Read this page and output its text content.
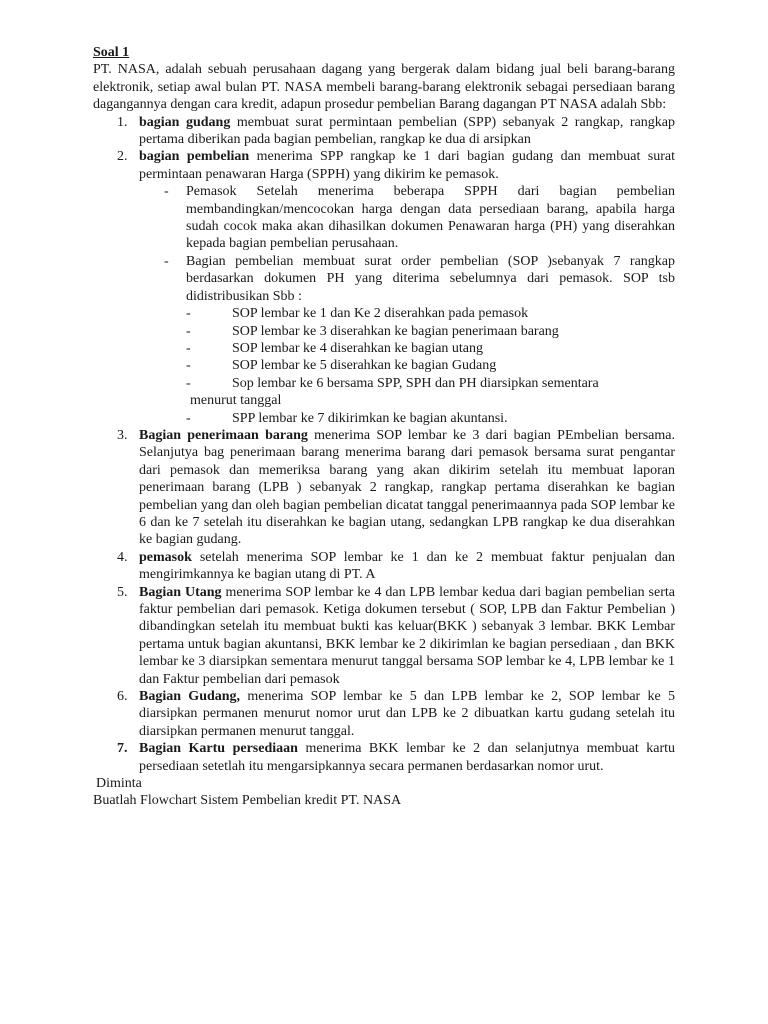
Soal 1
PT. NASA, adalah sebuah perusahaan dagang yang bergerak dalam bidang jual beli barang-barang elektronik, setiap awal bulan PT. NASA membeli barang-barang elektronik sebagai persediaan barang dagangannya dengan cara kredit, adapun prosedur pembelian Barang dagangan PT NASA adalah Sbb:
1. bagian gudang membuat surat permintaan pembelian (SPP) sebanyak 2 rangkap, rangkap pertama diberikan pada bagian pembelian, rangkap ke dua di arsipkan
2. bagian pembelian menerima SPP rangkap ke 1 dari bagian gudang dan membuat surat permintaan penawaran Harga (SPPH) yang dikirim ke pemasok.
- Pemasok Setelah menerima beberapa SPPH dari bagian pembelian membandingkan/mencocokan harga dengan data persediaan barang, apabila harga sudah cocok maka akan dihasilkan dokumen Penawaran harga (PH) yang diserahkan kepada bagian pembelian perusahaan.
- Bagian pembelian membuat surat order pembelian (SOP )sebanyak 7 rangkap berdasarkan dokumen PH yang diterima sebelumnya dari pemasok. SOP tsb didistribusikan Sbb :
-	SOP lembar ke 1 dan Ke 2 diserahkan pada pemasok
-	SOP lembar ke 3 diserahkan ke bagian penerimaan barang
-	SOP lembar ke 4 diserahkan ke bagian utang
-	SOP lembar ke 5 diserahkan ke bagian Gudang
-	Sop lembar ke 6 bersama SPP, SPH dan PH diarsipkan sementara
menurut tanggal
-	SPP lembar ke 7 dikirimkan ke bagian akuntansi.
3. Bagian penerimaan barang menerima SOP lembar ke 3 dari bagian PEmbelian bersama. Selanjutya bag penerimaan barang menerima barang dari pemasok bersama surat pengantar dari pemasok dan memeriksa barang yang akan dikirim setelah itu membuat laporan penerimaan barang (LPB ) sebanyak 2 rangkap, rangkap pertama diserahkan ke bagian pembelian yang dan oleh bagian pembelian dicatat tanggal penerimaannya pada SOP lembar ke 6 dan ke 7 setelah itu diserahkan ke bagian utang, sedangkan LPB rangkap ke dua diserahkan ke bagian gudang.
4. pemasok setelah menerima SOP lembar ke 1 dan ke 2 membuat faktur penjualan dan mengirimkannya ke bagian utang di PT. A
5. Bagian Utang menerima SOP lembar ke 4 dan LPB lembar kedua dari bagian pembelian serta faktur pembelian dari pemasok. Ketiga dokumen tersebut ( SOP, LPB dan Faktur Pembelian ) dibandingkan setelah itu membuat bukti kas keluar(BKK ) sebanyak 3 lembar. BKK Lembar pertama untuk bagian akuntansi, BKK lembar ke 2 dikirimlan ke bagian persediaan , dan BKK lembar ke 3 diarsipkan sementara menurut tanggal bersama SOP lembar ke 4, LPB lembar ke 1 dan Faktur pembelian dari pemasok
6. Bagian Gudang, menerima SOP lembar ke 5 dan LPB lembar ke 2, SOP lembar ke 5 diarsipkan permanen menurut nomor urut dan LPB ke 2 dibuatkan kartu gudang setelah itu diarsipkan permanen menurut tanggal.
7. Bagian Kartu persediaan menerima BKK lembar ke 2 dan selanjutnya membuat kartu persediaan setetlah itu mengarsipkannya secara permanen berdasarkan nomor urut.
Diminta
Buatlah Flowchart Sistem Pembelian kredit PT. NASA
